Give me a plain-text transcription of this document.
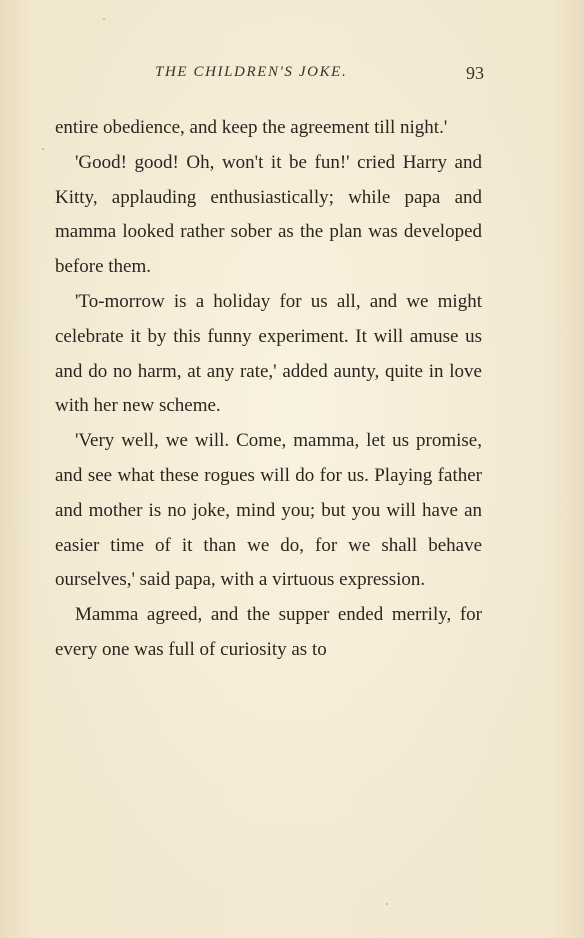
THE CHILDREN'S JOKE.	93

entire obedience, and keep the agreement till night.'

'Good! good! Oh, won't it be fun!' cried Harry and Kitty, applauding enthusiastically; while papa and mamma looked rather sober as the plan was developed before them.

'To-morrow is a holiday for us all, and we might celebrate it by this funny experiment. It will amuse us and do no harm, at any rate,' added aunty, quite in love with her new scheme.

'Very well, we will. Come, mamma, let us promise, and see what these rogues will do for us. Playing father and mother is no joke, mind you; but you will have an easier time of it than we do, for we shall behave ourselves,' said papa, with a virtuous expression.

Mamma agreed, and the supper ended merrily, for every one was full of curiosity as to
